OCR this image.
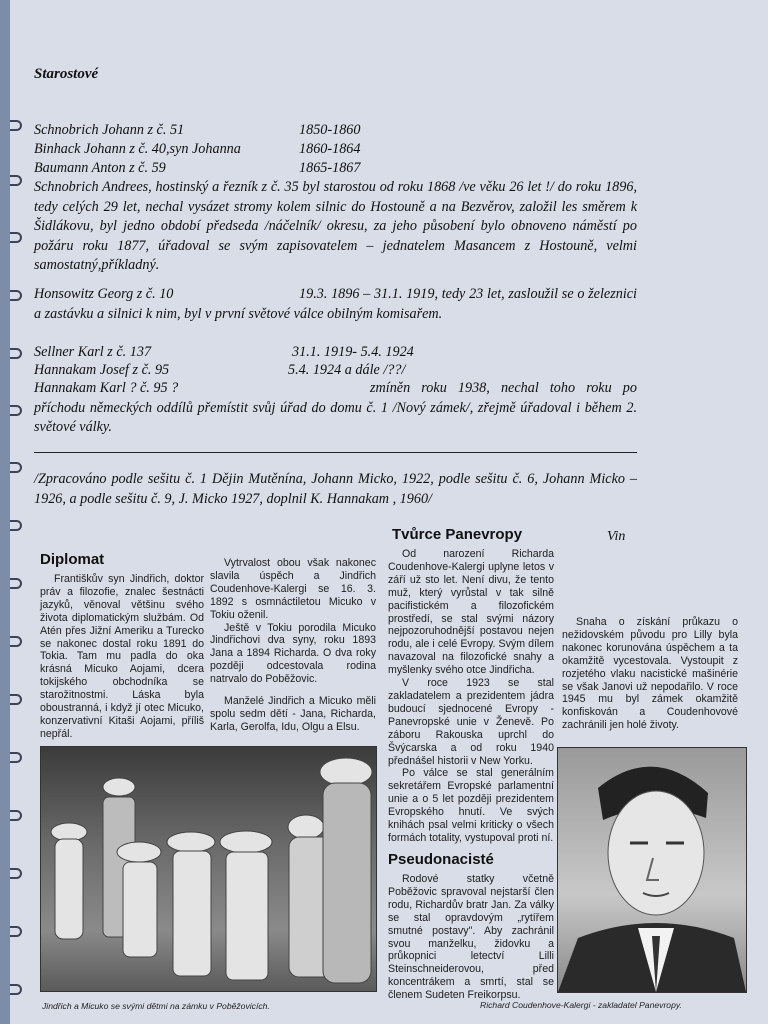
Starostové
Schnobrich Johann z č. 51	1850-1860
Binhack Johann z č. 40,syn Johanna	1860-1864
Baumann Anton z č. 59	1865-1867
Schnobrich Andrees, hostinský a řezník z č. 35 byl starostou od roku 1868 /ve věku 26 let !/ do roku 1896, tedy celých 29 let, nechal vysázet stromy kolem silnic do Hostouně a na Bezvěrov, založil les směrem k Šidlákovu, byl jedno období předseda /náčelník/ okresu, za jeho působení bylo obnoveno náměstí po požáru roku 1877, úřadoval se svým zapisovatelem – jednatelem Masancem z Hostouně, velmi samostatný,příkladný.
Honsowitz Georg z č. 10	19.3. 1896 – 31.1. 1919, tedy 23 let, zasloužil se o železnici a zastávku a silnici k nim, byl v první světové válce obilným komisařem.
Sellner Karl z č. 137	31.1. 1919- 5.4. 1924
Hannakam Josef z č. 95	5.4. 1924 a dále /??/
Hannakam Karl ? č. 95 ?	zmíněn roku 1938, nechal toho roku po příchodu německých oddílů přemístit svůj úřad do domu č. 1 /Nový zámek/, zřejmě úřadoval i během 2. světové války.
/Zpracováno podle sešitu č. 1 Dějin Mutěnína, Johann Micko, 1922, podle sešitu č. 6, Johann Micko – 1926, a podle sešitu č. 9, J. Micko 1927, doplnil K. Hannakam , 1960/
Diplomat

Františkův syn Jindřich, doktor práv a filozofie, znalec šestnácti jazyků, věnoval většinu svého života diplomatickým službám. Od Atén přes Jižní Ameriku a Turecko se nakonec dostal roku 1891 do Tokia. Tam mu padla do oka krásná Micuko Aojami, dcera tokijského obchodníka se starožitnostmi. Láska byla oboustranná, i když jí otec Micuko, konzervativní Kitaši Aojami, příliš nepřál.

Vytrvalost obou však nakonec slavila úspěch a Jindřich Coudenhove-Kalergi se 16. 3. 1892 s osmnáctiletou Micuko v Tokiu oženil.

Ještě v Tokiu porodila Micuko Jindřichovi dva syny, roku 1893 Jana a 1894 Richarda. O dva roky později odcestovala rodina natrvalo do Poběžovic.

Manželé Jindřich a Micuko měli spolu sedm dětí - Jana, Richarda, Karla, Gerolfa, Idu, Olgu a Elsu.

Tvůrce Panevropy	Vin

Od narození Richarda Coudenhove-Kalergi uplyne letos v září už sto let. Není divu, že tento muž, který vyrůstal v tak silně pacifistickém a filozofickém prostředí, se stal svými názory nejpozoruhodnější postavou nejen rodu, ale i celé Evropy. Svým dílem navazoval na filozofické snahy a myšlenky svého otce Jindřicha.

V roce 1923 se stal zakladatelem a prezidentem jádra budoucí sjednocené Evropy - Panevropské unie v Ženevě. Po záboru Rakouska uprchl do Švýcarska a od roku 1940 přednášel historii v New Yorku.

Po válce se stal generálním sekretářem Evropské parlamentní unie a o 5 let později prezidentem Evropského hnutí. Ve svých knihách psal velmi kriticky o všech formách totality, vystupoval proti ní.

Snaha o získání průkazu o nežidovském původu pro Lilly byla nakonec korunována úspěchem a ta okamžitě vycestovala. Vystoupit z rozjetého vlaku nacistické mašinérie se však Janovi už nepodařilo. V roce 1945 mu byl zámek okamžitě konfiskován a Coudenhovové zachránili jen holé životy.

Pseudonacisté

Rodové statky včetně Poběžovic spravoval nejstarší člen rodu, Richardův bratr Jan. Za války se stal opravdovým „rytířem smutné postavy". Aby zachránil svou manželku, židovku a průkopnici letectví Lilli Steinschneiderovou, před koncentrákem a smrtí, stal se členem Sudeten Freikorpsu.

Jindřich a Micuko se svými dětmi na zámku v Poběžovicích.	Richard Coudenhove-Kalergi - zakladatel Panevropy.
